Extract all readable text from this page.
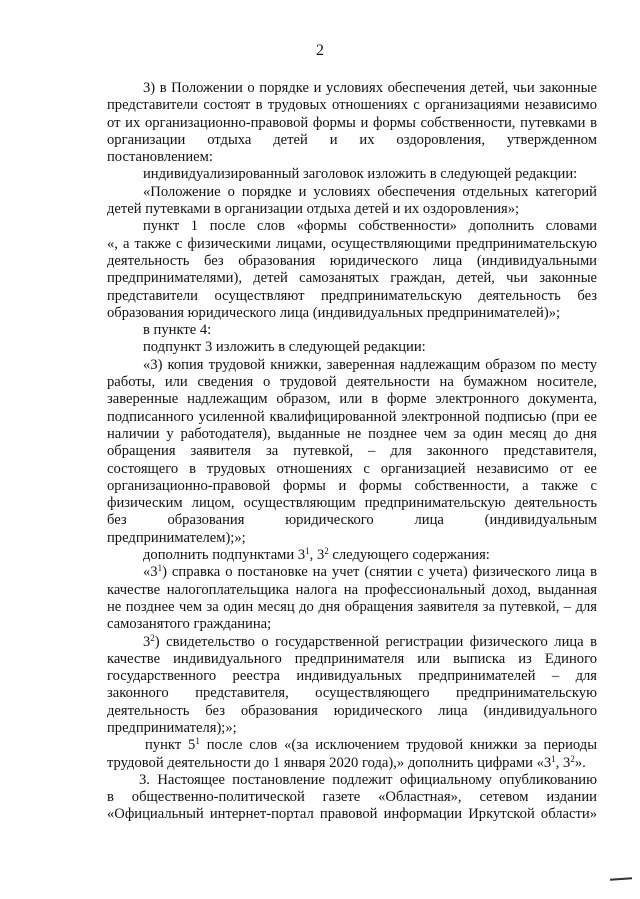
2
3) в Положении о порядке и условиях обеспечения детей, чьи законные
представители состоят в трудовых отношениях с организациями независимо
от их организационно-правовой формы и формы собственности, путевками в
организации отдыха детей и их оздоровления, утвержденном
постановлением:
индивидуализированный заголовок изложить в следующей редакции:
«Положение о порядке и условиях обеспечения отдельных категорий
детей путевками в организации отдыха детей и их оздоровления»;
пункт 1 после слов «формы собственности» дополнить словами
«, а также с физическими лицами, осуществляющими предпринимательскую
деятельность без образования юридического лица (индивидуальными
предпринимателями), детей самозанятых граждан, детей, чьи законные
представители осуществляют предпринимательскую деятельность без
образования юридического лица (индивидуальных предпринимателей)»;
в пункте 4:
подпункт 3 изложить в следующей редакции:
«3) копия трудовой книжки, заверенная надлежащим образом по месту
работы, или сведения о трудовой деятельности на бумажном носителе,
заверенные надлежащим образом, или в форме электронного документа,
подписанного усиленной квалифицированной электронной подписью (при ее
наличии у работодателя), выданные не позднее чем за один месяц до дня
обращения заявителя за путевкой, – для законного представителя,
состоящего в трудовых отношениях с организацией независимо от ее
организационно-правовой формы и формы собственности, а также с
физическим лицом, осуществляющим предпринимательскую деятельность
без образования юридического лица (индивидуальным
предпринимателем);»;
дополнить подпунктами $3^1$, $3^2$ следующего содержания:
«$3^1$) справка о постановке на учет (снятии с учета) физического лица в
качестве налогоплательщика налога на профессиональный доход, выданная
не позднее чем за один месяц до дня обращения заявителя за путевкой, – для
самозанятого гражданина;
$3^2$) свидетельство о государственной регистрации физического лица в
качестве индивидуального предпринимателя или выписка из Единого
государственного реестра индивидуальных предпринимателей – для
законного представителя, осуществляющего предпринимательскую
деятельность без образования юридического лица (индивидуального
предпринимателя);»;
пункт $5^1$ после слов «(за исключением трудовой книжки за периоды
трудовой деятельности до 1 января 2020 года),» дополнить цифрами «$3^1$, $3^2$».
3. Настоящее постановление подлежит официальному опубликованию
в общественно-политической газете «Областная», сетевом издании
«Официальный интернет-портал правовой информации Иркутской области»
